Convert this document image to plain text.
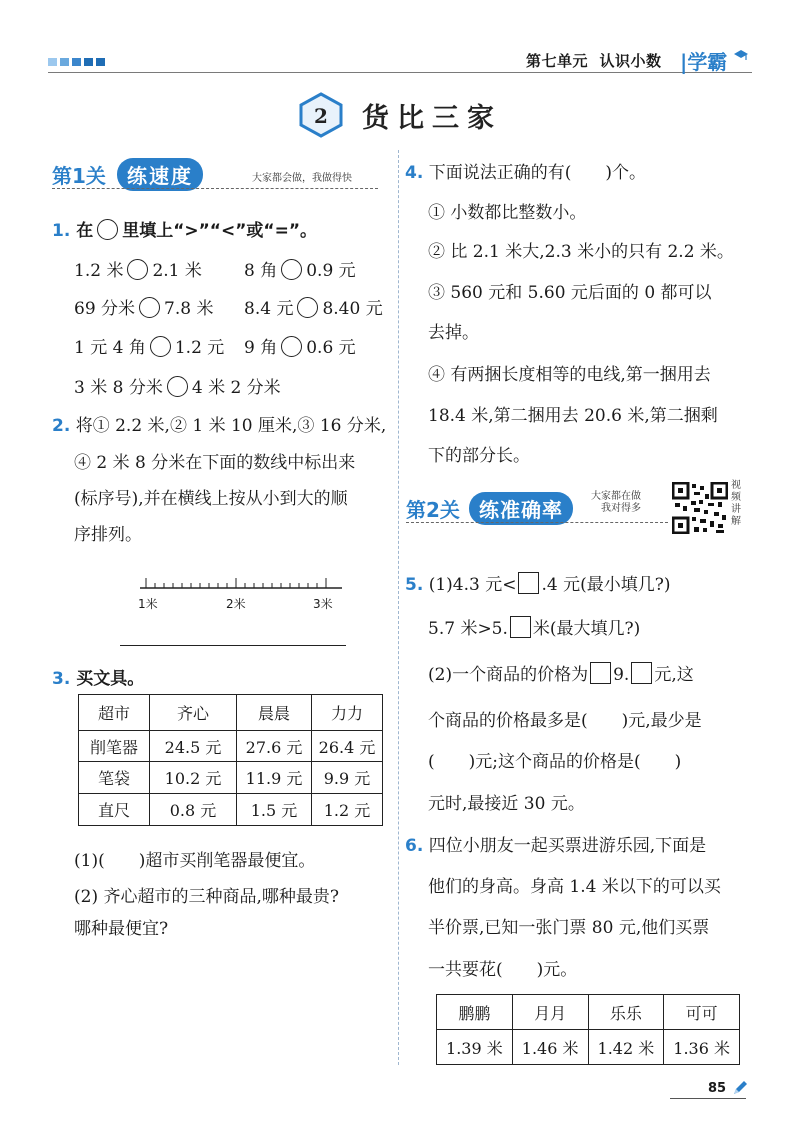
第七单元 认识小数 |学霸
2 货比三家
第1关 练速度	大家都会做，我做得快
1. 在 里填上“>”“<”或“=”。
1.2 米 2.1 米 8 角 0.9 元
69 分米 7.8 米 8.4 元 8.40 元
1 元 4 角 1.2 元 9 角 0.6 元
3 米 8 分米 4 米 2 分米
2. 将① 2.2 米,② 1 米 10 厘米,③ 16 分米,
④ 2 米 8 分米在下面的数线中标出来
(标序号),并在横线上按从小到大的顺
序排列。
1米	2米	3米
3. 买文具。
超市	齐心	晨晨	力力
削笔器	24.5 元	27.6 元	26.4 元
笔袋	10.2 元	11.9 元	9.9 元
直尺	0.8 元	1.5 元	1.2 元
(1)(　　)超市买削笔器最便宜。
(2) 齐心超市的三种商品,哪种最贵?
哪种最便宜?
4. 下面说法正确的有(　　)个。
① 小数都比整数小。
② 比 2.1 米大,2.3 米小的只有 2.2 米。
③ 560 元和 5.60 元后面的 0 都可以
去掉。
④ 有两捆长度相等的电线,第一捆用去
18.4 米,第二捆用去 20.6 米,第二捆剩
下的部分长。
第2关 练准确率
大家都在做
我对得多
视频讲解
5. (1)4.3 元< .4 元(最小填几?)
5.7 米>5. 米(最大填几?)
(2)一个商品的价格为 9. 元,这
个商品的价格最多是(　　)元,最少是
(　　)元;这个商品的价格是(　　)
元时,最接近 30 元。
6. 四位小朋友一起买票进游乐园,下面是
他们的身高。身高 1.4 米以下的可以买
半价票,已知一张门票 80 元,他们买票
一共要花(　　)元。
鹏鹏	月月	乐乐	可可
1.39 米	1.46 米	1.42 米	1.36 米
85
